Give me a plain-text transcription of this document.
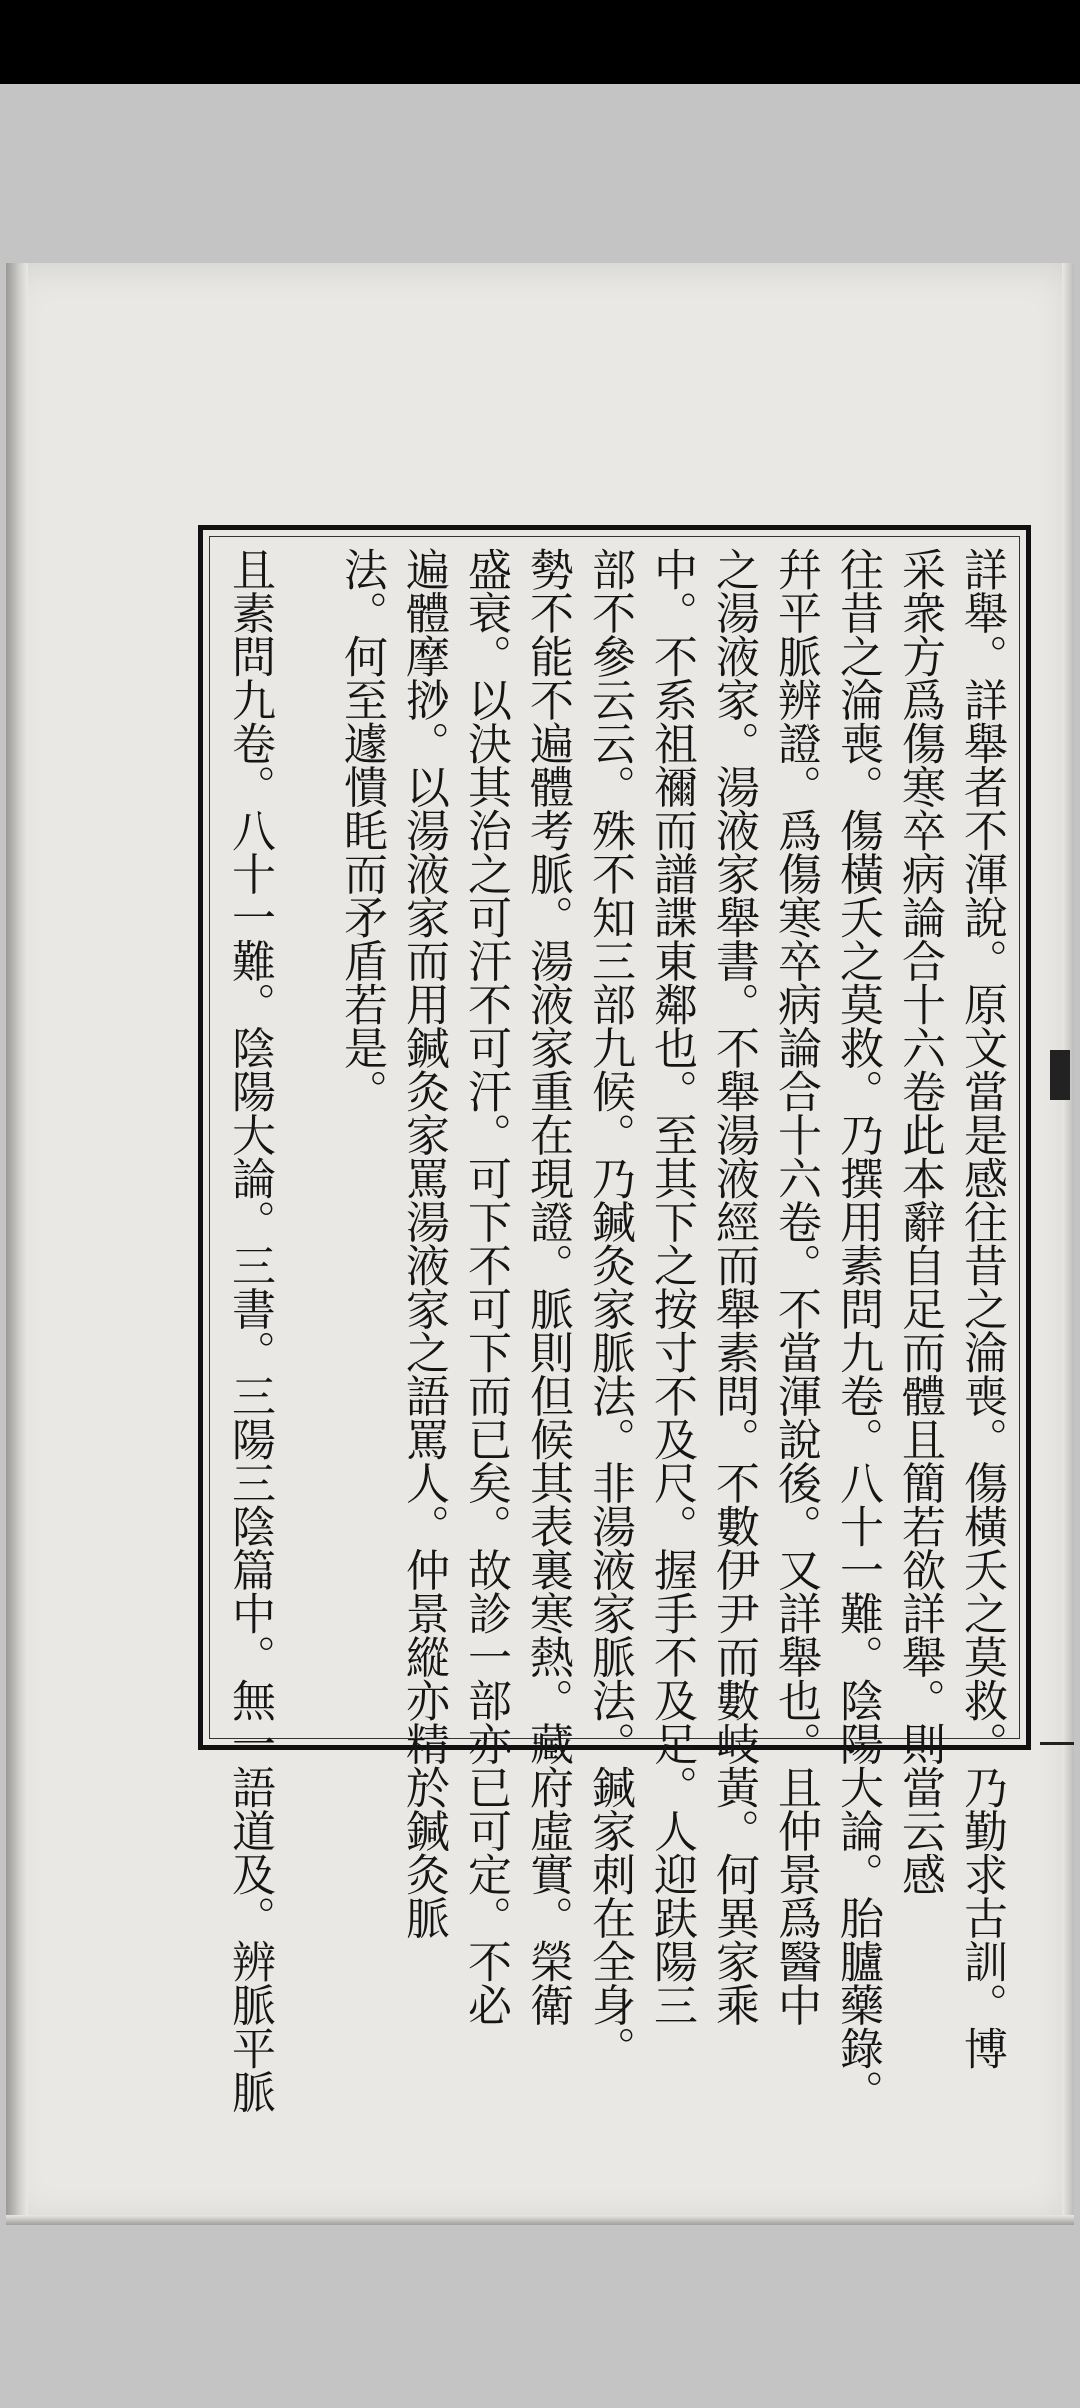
詳舉。詳舉者不渾說。原文當是感往昔之淪喪。傷橫夭之莫救。乃勤求古訓。博
采衆方爲傷寒卒病論合十六卷此本辭自足而體且簡若欲詳舉。則當云感
往昔之淪喪。傷橫夭之莫救。乃撰用素問九卷。八十一難。陰陽大論。胎臚藥錄。
幷平脈辨證。爲傷寒卒病論合十六卷。不當渾說後。又詳舉也。且仲景爲醫中
之湯液家。湯液家舉書。不舉湯液經而舉素問。不數伊尹而數岐黃。何異家乘
中。不系祖禰而譜諜東鄰也。至其下之按寸不及尺。握手不及足。人迎趺陽三
部不參云云。殊不知三部九候。乃鍼灸家脈法。非湯液家脈法。鍼家刺在全身。
勢不能不遍體考脈。湯液家重在現證。脈則但候其表裏寒熱。藏府虛實。榮衛
盛衰。以決其治之可汗不可汗。可下不可下而已矣。故診一部亦已可定。不必
遍體摩挱。以湯液家而用鍼灸家罵湯液家之語罵人。仲景縱亦精於鍼灸脈
法。何至遽憒眊而矛盾若是。
且素問九卷。八十一難。陰陽大論。三書。三陽三陰篇中。無一語道及。辨脈平脈
